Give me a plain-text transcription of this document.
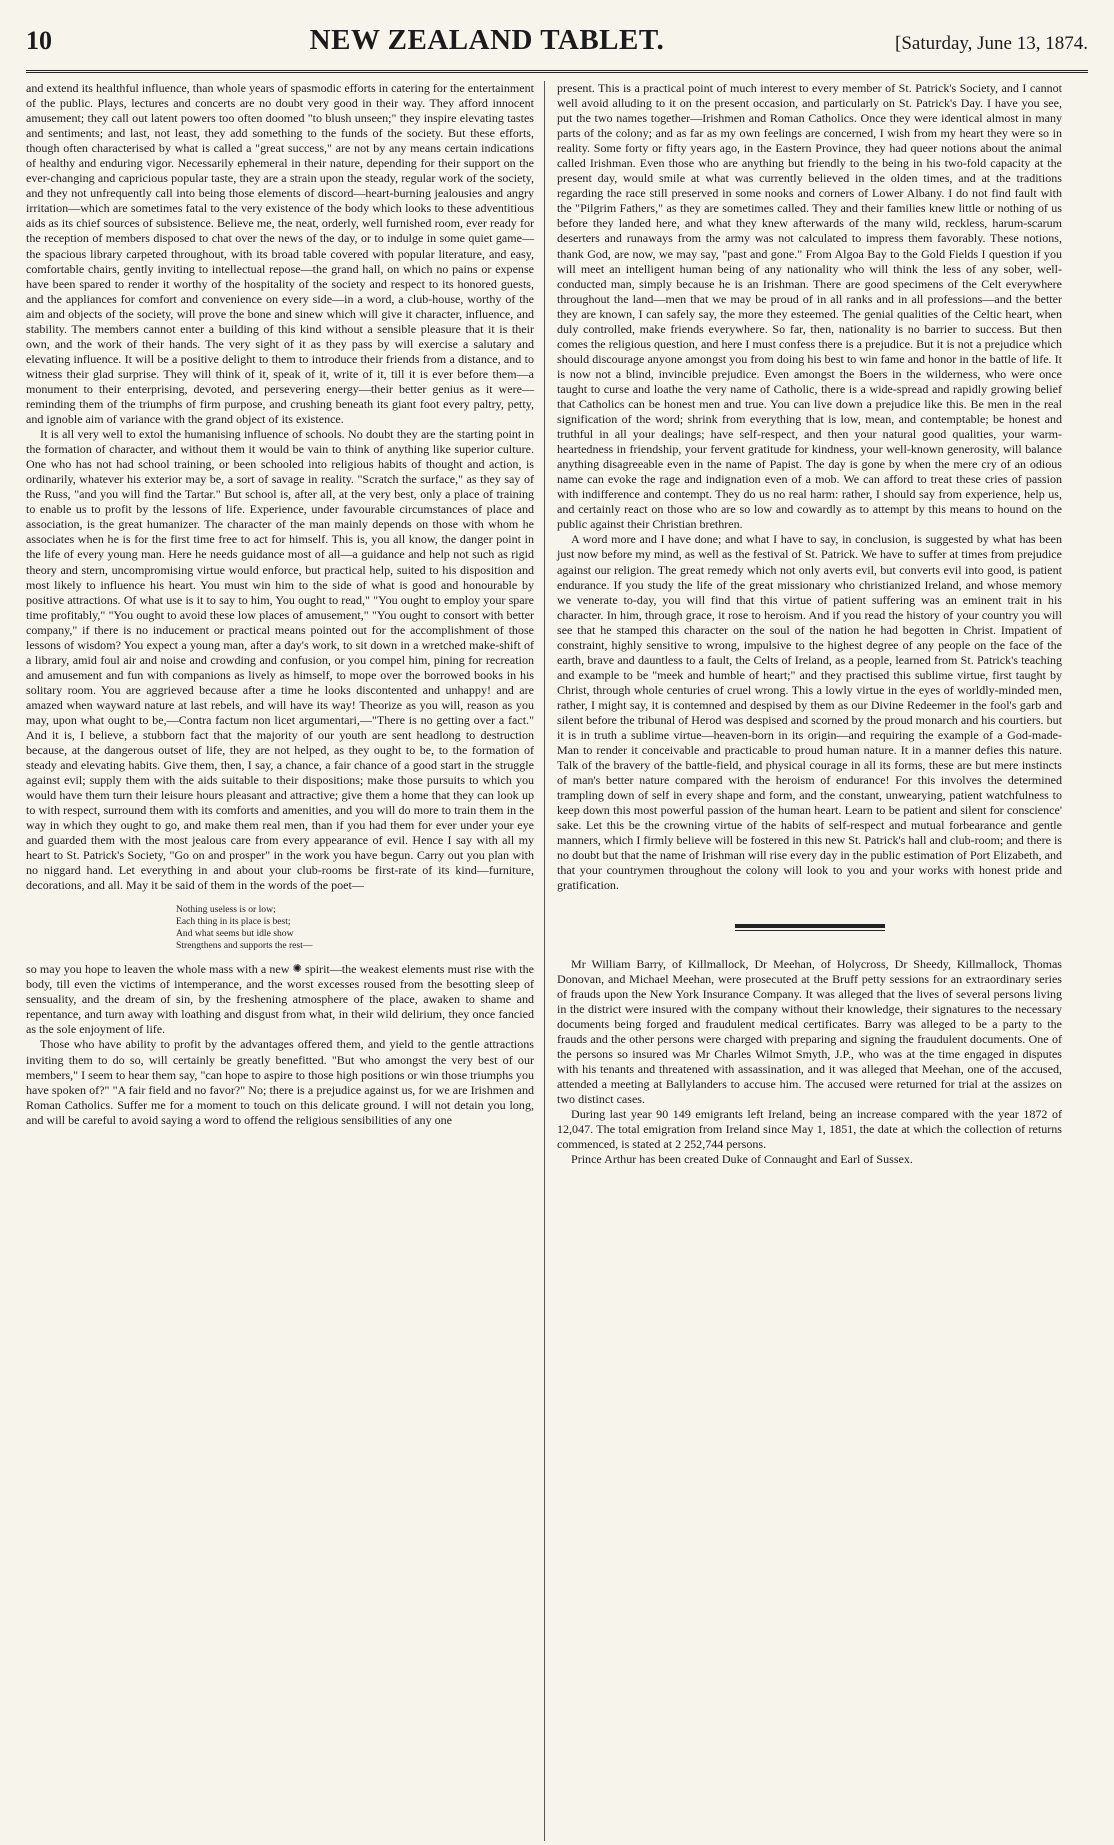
10	NEW ZEALAND TABLET.	[Saturday, June 13, 1874.

and extend its healthful influence, than whole years of spasmodic efforts in catering for the entertainment of the public. Plays, lectures and concerts are no doubt very good in their way. They afford innocent amusement; they call out latent powers too often doomed "to blush unseen;" they inspire elevating tastes and sentiments; and last, not least, they add something to the funds of the society. But these efforts, though often characterised by what is called a "great success," are not by any means certain indications of healthy and enduring vigor. Necessarily ephemeral in their nature, depending for their support on the ever-changing and capricious popular taste, they are a strain upon the steady, regular work of the society, and they not unfrequently call into being those elements of discord—heart-burning jealousies and angry irritation—which are sometimes fatal to the very existence of the body which looks to these adventitious aids as its chief sources of subsistence. Believe me, the neat, orderly, well furnished room, ever ready for the reception of members disposed to chat over the news of the day, or to indulge in some quiet game—the spacious library carpeted throughout, with its broad table covered with popular literature, and easy, comfortable chairs, gently inviting to intellectual repose—the grand hall, on which no pains or expense have been spared to render it worthy of the hospitality of the society and respect to its honored guests, and the appliances for comfort and convenience on every side—in a word, a club-house, worthy of the aim and objects of the society, will prove the bone and sinew which will give it character, influence, and stability. The members cannot enter a building of this kind without a sensible pleasure that it is their own, and the work of their hands. The very sight of it as they pass by will exercise a salutary and elevating influence. It will be a positive delight to them to introduce their friends from a distance, and to witness their glad surprise. They will think of it, speak of it, write of it, till it is ever before them—a monument to their enterprising, devoted, and persevering energy—their better genius as it were—reminding them of the triumphs of firm purpose, and crushing beneath its giant foot every paltry, petty, and ignoble aim of variance with the grand object of its existence.

It is all very well to extol the humanising influence of schools. No doubt they are the starting point in the formation of character, and without them it would be vain to think of anything like superior culture. One who has not had school training, or been schooled into religious habits of thought and action, is ordinarily, whatever his exterior may be, a sort of savage in reality. "Scratch the surface," as they say of the Russ, "and you will find the Tartar." But school is, after all, at the very best, only a place of training to enable us to profit by the lessons of life. Experience, under favourable circumstances of place and association, is the great humanizer. The character of the man mainly depends on those with whom he associates when he is for the first time free to act for himself. This is, you all know, the danger point in the life of every young man. Here he needs guidance most of all—a guidance and help not such as rigid theory and stern, uncompromising virtue would enforce, but practical help, suited to his disposition and most likely to influence his heart. You must win him to the side of what is good and honourable by positive attractions. Of what use is it to say to him, You ought to read," "You ought to employ your spare time profitably," "You ought to avoid these low places of amusement," "You ought to consort with better company," if there is no inducement or practical means pointed out for the accomplishment of those lessons of wisdom? You expect a young man, after a day's work, to sit down in a wretched make-shift of a library, amid foul air and noise and crowding and confusion, or you compel him, pining for recreation and amusement and fun with companions as lively as himself, to mope over the borrowed books in his solitary room. You are aggrieved because after a time he looks discontented and unhappy! and are amazed when wayward nature at last rebels, and will have its way! Theorize as you will, reason as you may, upon what ought to be,—Contra factum non licet argumentari,—"There is no getting over a fact." And it is, I believe, a stubborn fact that the majority of our youth are sent headlong to destruction because, at the dangerous outset of life, they are not helped, as they ought to be, to the formation of steady and elevating habits. Give them, then, I say, a chance, a fair chance of a good start in the struggle against evil; supply them with the aids suitable to their dispositions; make those pursuits to which you would have them turn their leisure hours pleasant and attractive; give them a home that they can look up to with respect, surround them with its comforts and amenities, and you will do more to train them in the way in which they ought to go, and make them real men, than if you had them for ever under your eye and guarded them with the most jealous care from every appearance of evil. Hence I say with all my heart to St. Patrick's Society, "Go on and prosper" in the work you have begun. Carry out you plan with no niggard hand. Let everything in and about your club-rooms be first-rate of its kind—furniture, decorations, and all. May it be said of them in the words of the poet—

Nothing useless is or low;
Each thing in its place is best;
And what seems but idle show
Strengthens and supports the rest—

so may you hope to leaven the whole mass with a new ✺ spirit—the weakest elements must rise with the body, till even the victims of intemperance, and the worst excesses roused from the besotting sleep of sensuality, and the dream of sin, by the freshening atmosphere of the place, awaken to shame and repentance, and turn away with loathing and disgust from what, in their wild delirium, they once fancied as the sole enjoyment of life.

Those who have ability to profit by the advantages offered them, and yield to the gentle attractions inviting them to do so, will certainly be greatly benefitted. "But who amongst the very best of our members," I seem to hear them say, "can hope to aspire to those high positions or win those triumphs you have spoken of?" "A fair field and no favor?" No; there is a prejudice against us, for we are Irishmen and Roman Catholics. Suffer me for a moment to touch on this delicate ground. I will not detain you long, and will be careful to avoid saying a word to offend the religious sensibilities of any one

present. This is a practical point of much interest to every member of St. Patrick's Society, and I cannot well avoid alluding to it on the present occasion, and particularly on St. Patrick's Day. I have you see, put the two names together—Irishmen and Roman Catholics. Once they were identical almost in many parts of the colony; and as far as my own feelings are concerned, I wish from my heart they were so in reality. Some forty or fifty years ago, in the Eastern Province, they had queer notions about the animal called Irishman. Even those who are anything but friendly to the being in his two-fold capacity at the present day, would smile at what was currently believed in the olden times, and at the traditions regarding the race still preserved in some nooks and corners of Lower Albany. I do not find fault with the "Pilgrim Fathers," as they are sometimes called. They and their families knew little or nothing of us before they landed here, and what they knew afterwards of the many wild, reckless, harum-scarum deserters and runaways from the army was not calculated to impress them favorably. These notions, thank God, are now, we may say, "past and gone." From Algoa Bay to the Gold Fields I question if you will meet an intelligent human being of any nationality who will think the less of any sober, well-conducted man, simply because he is an Irishman. There are good specimens of the Celt everywhere throughout the land—men that we may be proud of in all ranks and in all professions—and the better they are known, I can safely say, the more they esteemed. The genial qualities of the Celtic heart, when duly controlled, make friends everywhere. So far, then, nationality is no barrier to success. But then comes the religious question, and here I must confess there is a prejudice. But it is not a prejudice which should discourage anyone amongst you from doing his best to win fame and honor in the battle of life. It is now not a blind, invincible prejudice. Even amongst the Boers in the wilderness, who were once taught to curse and loathe the very name of Catholic, there is a wide-spread and rapidly growing belief that Catholics can be honest men and true. You can live down a prejudice like this. Be men in the real signification of the word; shrink from everything that is low, mean, and contemptable; be honest and truthful in all your dealings; have self-respect, and then your natural good qualities, your warm-heartedness in friendship, your fervent gratitude for kindness, your well-known generosity, will balance anything disagreeable even in the name of Papist. The day is gone by when the mere cry of an odious name can evoke the rage and indignation even of a mob. We can afford to treat these cries of passion with indifference and contempt. They do us no real harm: rather, I should say from experience, help us, and certainly react on those who are so low and cowardly as to attempt by this means to hound on the public against their Christian brethren.

A word more and I have done; and what I have to say, in conclusion, is suggested by what has been just now before my mind, as well as the festival of St. Patrick. We have to suffer at times from prejudice against our religion. The great remedy which not only averts evil, but converts evil into good, is patient endurance. If you study the life of the great missionary who christianized Ireland, and whose memory we venerate to-day, you will find that this virtue of patient suffering was an eminent trait in his character. In him, through grace, it rose to heroism. And if you read the history of your country you will see that he stamped this character on the soul of the nation he had begotten in Christ. Impatient of constraint, highly sensitive to wrong, impulsive to the highest degree of any people on the face of the earth, brave and dauntless to a fault, the Celts of Ireland, as a people, learned from St. Patrick's teaching and example to be "meek and humble of heart;" and they practised this sublime virtue, first taught by Christ, through whole centuries of cruel wrong. This a lowly virtue in the eyes of worldly-minded men, rather, I might say, it is contemned and despised by them as our Divine Redeemer in the fool's garb and silent before the tribunal of Herod was despised and scorned by the proud monarch and his courtiers. but it is in truth a sublime virtue—heaven-born in its origin—and requiring the example of a God-made-Man to render it conceivable and practicable to proud human nature. It in a manner defies this nature. Talk of the bravery of the battle-field, and physical courage in all its forms, these are but mere instincts of man's better nature compared with the heroism of endurance! For this involves the determined trampling down of self in every shape and form, and the constant, unwearying, patient watchfulness to keep down this most powerful passion of the human heart. Learn to be patient and silent for conscience' sake. Let this be the crowning virtue of the habits of self-respect and mutual forbearance and gentle manners, which I firmly believe will be fostered in this new St. Patrick's hall and club-room; and there is no doubt but that the name of Irishman will rise every day in the public estimation of Port Elizabeth, and that your countrymen throughout the colony will look to you and your works with honest pride and gratification.

Mr William Barry, of Killmallock, Dr Meehan, of Holycross, Dr Sheedy, Killmallock, Thomas Donovan, and Michael Meehan, were prosecuted at the Bruff petty sessions for an extraordinary series of frauds upon the New York Insurance Company. It was alleged that the lives of several persons living in the district were insured with the company without their knowledge, their signatures to the necessary documents being forged and fraudulent medical certificates. Barry was alleged to be a party to the frauds and the other persons were charged with preparing and signing the fraudulent documents. One of the persons so insured was Mr Charles Wilmot Smyth, J.P., who was at the time engaged in disputes with his tenants and threatened with assassination, and it was alleged that Meehan, one of the accused, attended a meeting at Ballylanders to accuse him. The accused were returned for trial at the assizes on two distinct cases.

During last year 90 149 emigrants left Ireland, being an increase compared with the year 1872 of 12,047. The total emigration from Ireland since May 1, 1851, the date at which the collection of returns commenced, is stated at 2 252,744 persons.

Prince Arthur has been created Duke of Connaught and Earl of Sussex.
